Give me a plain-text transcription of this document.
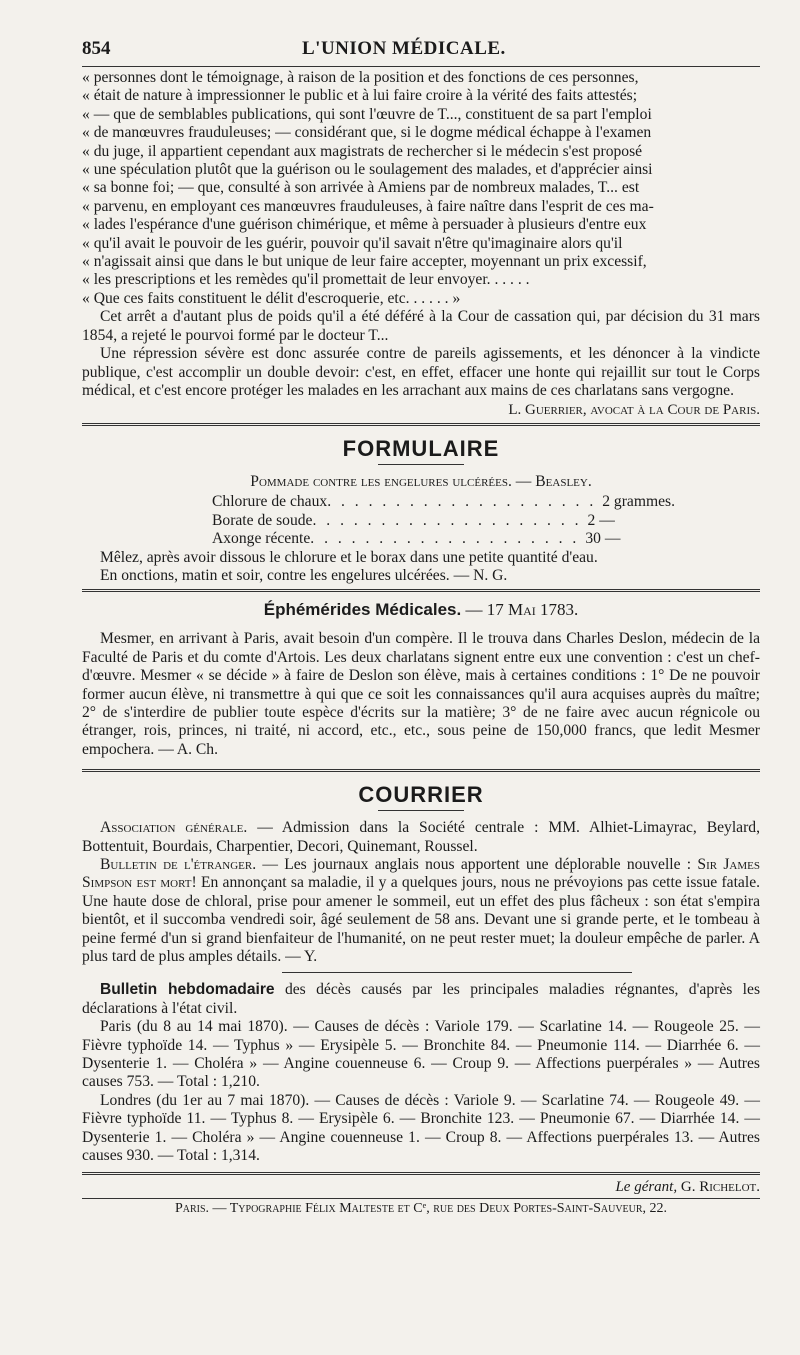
854	L'UNION MÉDICALE.

« personnes dont le témoignage, à raison de la position et des fonctions de ces personnes,

« était de nature à impressionner le public et à lui faire croire à la vérité des faits attestés;

« — que de semblables publications, qui sont l'œuvre de T..., constituent de sa part l'emploi

« de manœuvres frauduleuses; — considérant que, si le dogme médical échappe à l'examen

« du juge, il appartient cependant aux magistrats de rechercher si le médecin s'est proposé

« une spéculation plutôt que la guérison ou le soulagement des malades, et d'apprécier ainsi

« sa bonne foi; — que, consulté à son arrivée à Amiens par de nombreux malades, T... est

« parvenu, en employant ces manœuvres frauduleuses, à faire naître dans l'esprit de ces ma-

« lades l'espérance d'une guérison chimérique, et même à persuader à plusieurs d'entre eux

« qu'il avait le pouvoir de les guérir, pouvoir qu'il savait n'être qu'imaginaire alors qu'il

« n'agissait ainsi que dans le but unique de leur faire accepter, moyennant un prix excessif,

« les prescriptions et les remèdes qu'il promettait de leur envoyer. . . . . .

« Que ces faits constituent le délit d'escroquerie, etc. . . . . . »

Cet arrêt a d'autant plus de poids qu'il a été déféré à la Cour de cassation qui, par décision du 31 mars 1854, a rejeté le pourvoi formé par le docteur T...

Une répression sévère est donc assurée contre de pareils agissements, et les dénoncer à la vindicte publique, c'est accomplir un double devoir: c'est, en effet, effacer une honte qui rejaillit sur tout le Corps médical, et c'est encore protéger les malades en les arrachant aux mains de ces charlatans sans vergogne.

L. Guerrier, avocat à la Cour de Paris.
FORMULAIRE
Pommade contre les engelures ulcérées. — Beasley.
Chlorure de chaux . . . . . . . . . . . . . . . . . . . . 2 grammes.
Borate de soude . . . . . . . . . . . . . . . . . . . . 2 —
Axonge récente . . . . . . . . . . . . . . . . . . . . 30 —

Mêlez, après avoir dissous le chlorure et le borax dans une petite quantité d'eau.

En onctions, matin et soir, contre les engelures ulcérées. — N. G.

Éphémérides Médicales. — 17 Mai 1783.

Mesmer, en arrivant à Paris, avait besoin d'un compère. Il le trouva dans Charles Deslon, médecin de la Faculté de Paris et du comte d'Artois. Les deux charlatans signent entre eux une convention : c'est un chef-d'œuvre. Mesmer « se décide » à faire de Deslon son élève, mais à certaines conditions : 1° De ne pouvoir former aucun élève, ni transmettre à qui que ce soit les connaissances qu'il aura acquises auprès du maître; 2° de s'interdire de publier toute espèce d'écrits sur la matière; 3° de ne faire avec aucun régnicole ou étranger, rois, princes, ni traité, ni accord, etc., etc., sous peine de 150,000 francs, que ledit Mesmer empochera. — A. Ch.

COURRIER

Association générale. — Admission dans la Société centrale : MM. Alhiet-Limayrac, Beylard, Bottentuit, Bourdais, Charpentier, Decori, Quinemant, Roussel.

Bulletin de l'étranger. — Les journaux anglais nous apportent une déplorable nouvelle : Sir James Simpson est mort! En annonçant sa maladie, il y a quelques jours, nous ne prévoyions pas cette issue fatale. Une haute dose de chloral, prise pour amener le sommeil, eut un effet des plus fâcheux : son état s'empira bientôt, et il succomba vendredi soir, âgé seulement de 58 ans. Devant une si grande perte, et le tombeau à peine fermé d'un si grand bienfaiteur de l'humanité, on ne peut rester muet; la douleur empêche de parler. A plus tard de plus amples détails. — Y.

Bulletin hebdomadaire des décès causés par les principales maladies régnantes, d'après les déclarations à l'état civil.

Paris (du 8 au 14 mai 1870). — Causes de décès : Variole 179. — Scarlatine 14. — Rougeole 25. — Fièvre typhoïde 14. — Typhus » — Erysipèle 5. — Bronchite 84. — Pneumonie 114. — Diarrhée 6. — Dysenterie 1. — Choléra » — Angine couenneuse 6. — Croup 9. — Affections puerpérales » — Autres causes 753. — Total : 1,210.

Londres (du 1er au 7 mai 1870). — Causes de décès : Variole 9. — Scarlatine 74. — Rougeole 49. — Fièvre typhoïde 11. — Typhus 8. — Erysipèle 6. — Bronchite 123. — Pneumonie 67. — Diarrhée 14. — Dysenterie 1. — Choléra » — Angine couenneuse 1. — Croup 8. — Affections puerpérales 13. — Autres causes 930. — Total : 1,314.

Le gérant, G. Richelot.
Paris. — Typographie Félix Malteste et Cᵉ, rue des Deux Portes-Saint-Sauveur, 22.
